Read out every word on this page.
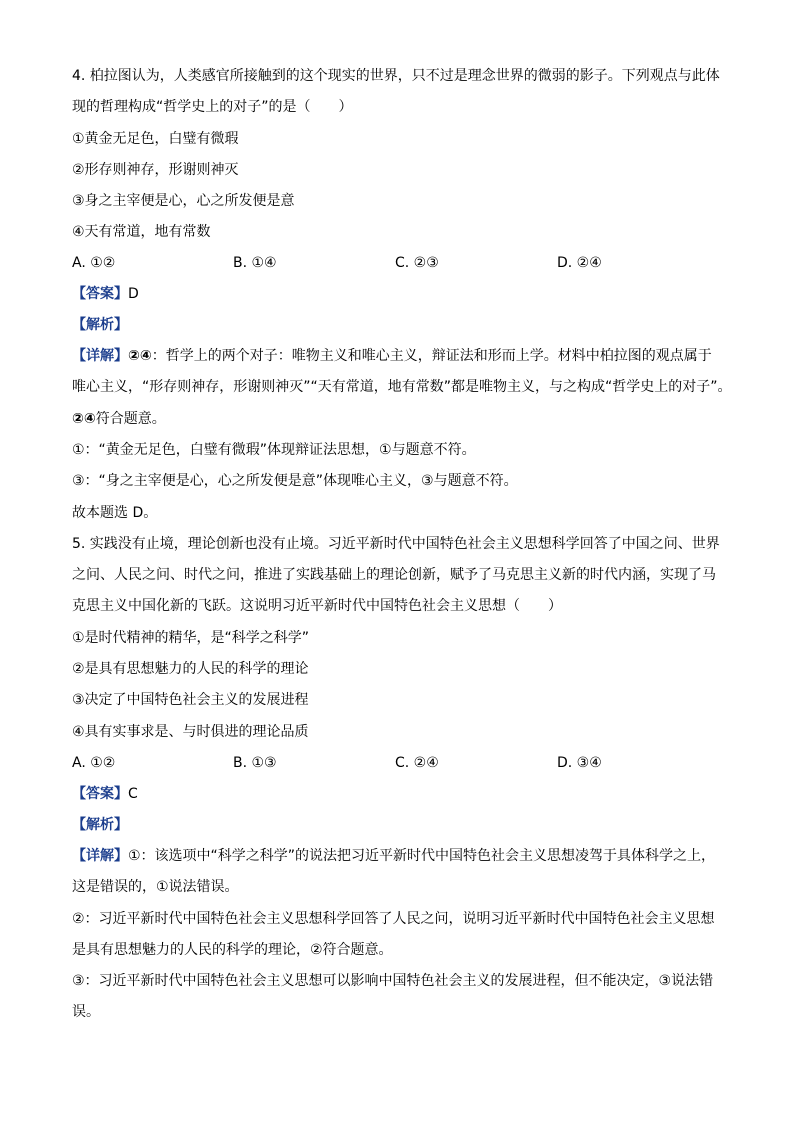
4. 柏拉图认为，人类感官所接触到的这个现实的世界，只不过是理念世界的微弱的影子。下列观点与此体
现的哲理构成“哲学史上的对子”的是（　　）
①黄金无足色，白璧有微瑕
②形存则神存，形谢则神灭
③身之主宰便是心，心之所发便是意
④天有常道，地有常数
A. ①②	B. ①④	C. ②③	D. ②④
【答案】D
【解析】
【详解】②④：哲学上的两个对子：唯物主义和唯心主义，辩证法和形而上学。材料中柏拉图的观点属于
唯心主义，“形存则神存，形谢则神灭”“天有常道，地有常数”都是唯物主义，与之构成“哲学史上的对子”。
②④符合题意。
①：“黄金无足色，白璧有微瑕”体现辩证法思想，①与题意不符。
③：“身之主宰便是心，心之所发便是意”体现唯心主义，③与题意不符。
故本题选 D。
5. 实践没有止境，理论创新也没有止境。习近平新时代中国特色社会主义思想科学回答了中国之问、世界
之问、人民之问、时代之问，推进了实践基础上的理论创新，赋予了马克思主义新的时代内涵，实现了马
克思主义中国化新的飞跃。这说明习近平新时代中国特色社会主义思想（　　）
①是时代精神的精华，是“科学之科学”
②是具有思想魅力的人民的科学的理论
③决定了中国特色社会主义的发展进程
④具有实事求是、与时俱进的理论品质
A. ①②	B. ①③	C. ②④	D. ③④
【答案】C
【解析】
【详解】①：该选项中“科学之科学”的说法把习近平新时代中国特色社会主义思想凌驾于具体科学之上，
这是错误的，①说法错误。
②：习近平新时代中国特色社会主义思想科学回答了人民之问，说明习近平新时代中国特色社会主义思想
是具有思想魅力的人民的科学的理论，②符合题意。
③：习近平新时代中国特色社会主义思想可以影响中国特色社会主义的发展进程，但不能决定，③说法错
误。
